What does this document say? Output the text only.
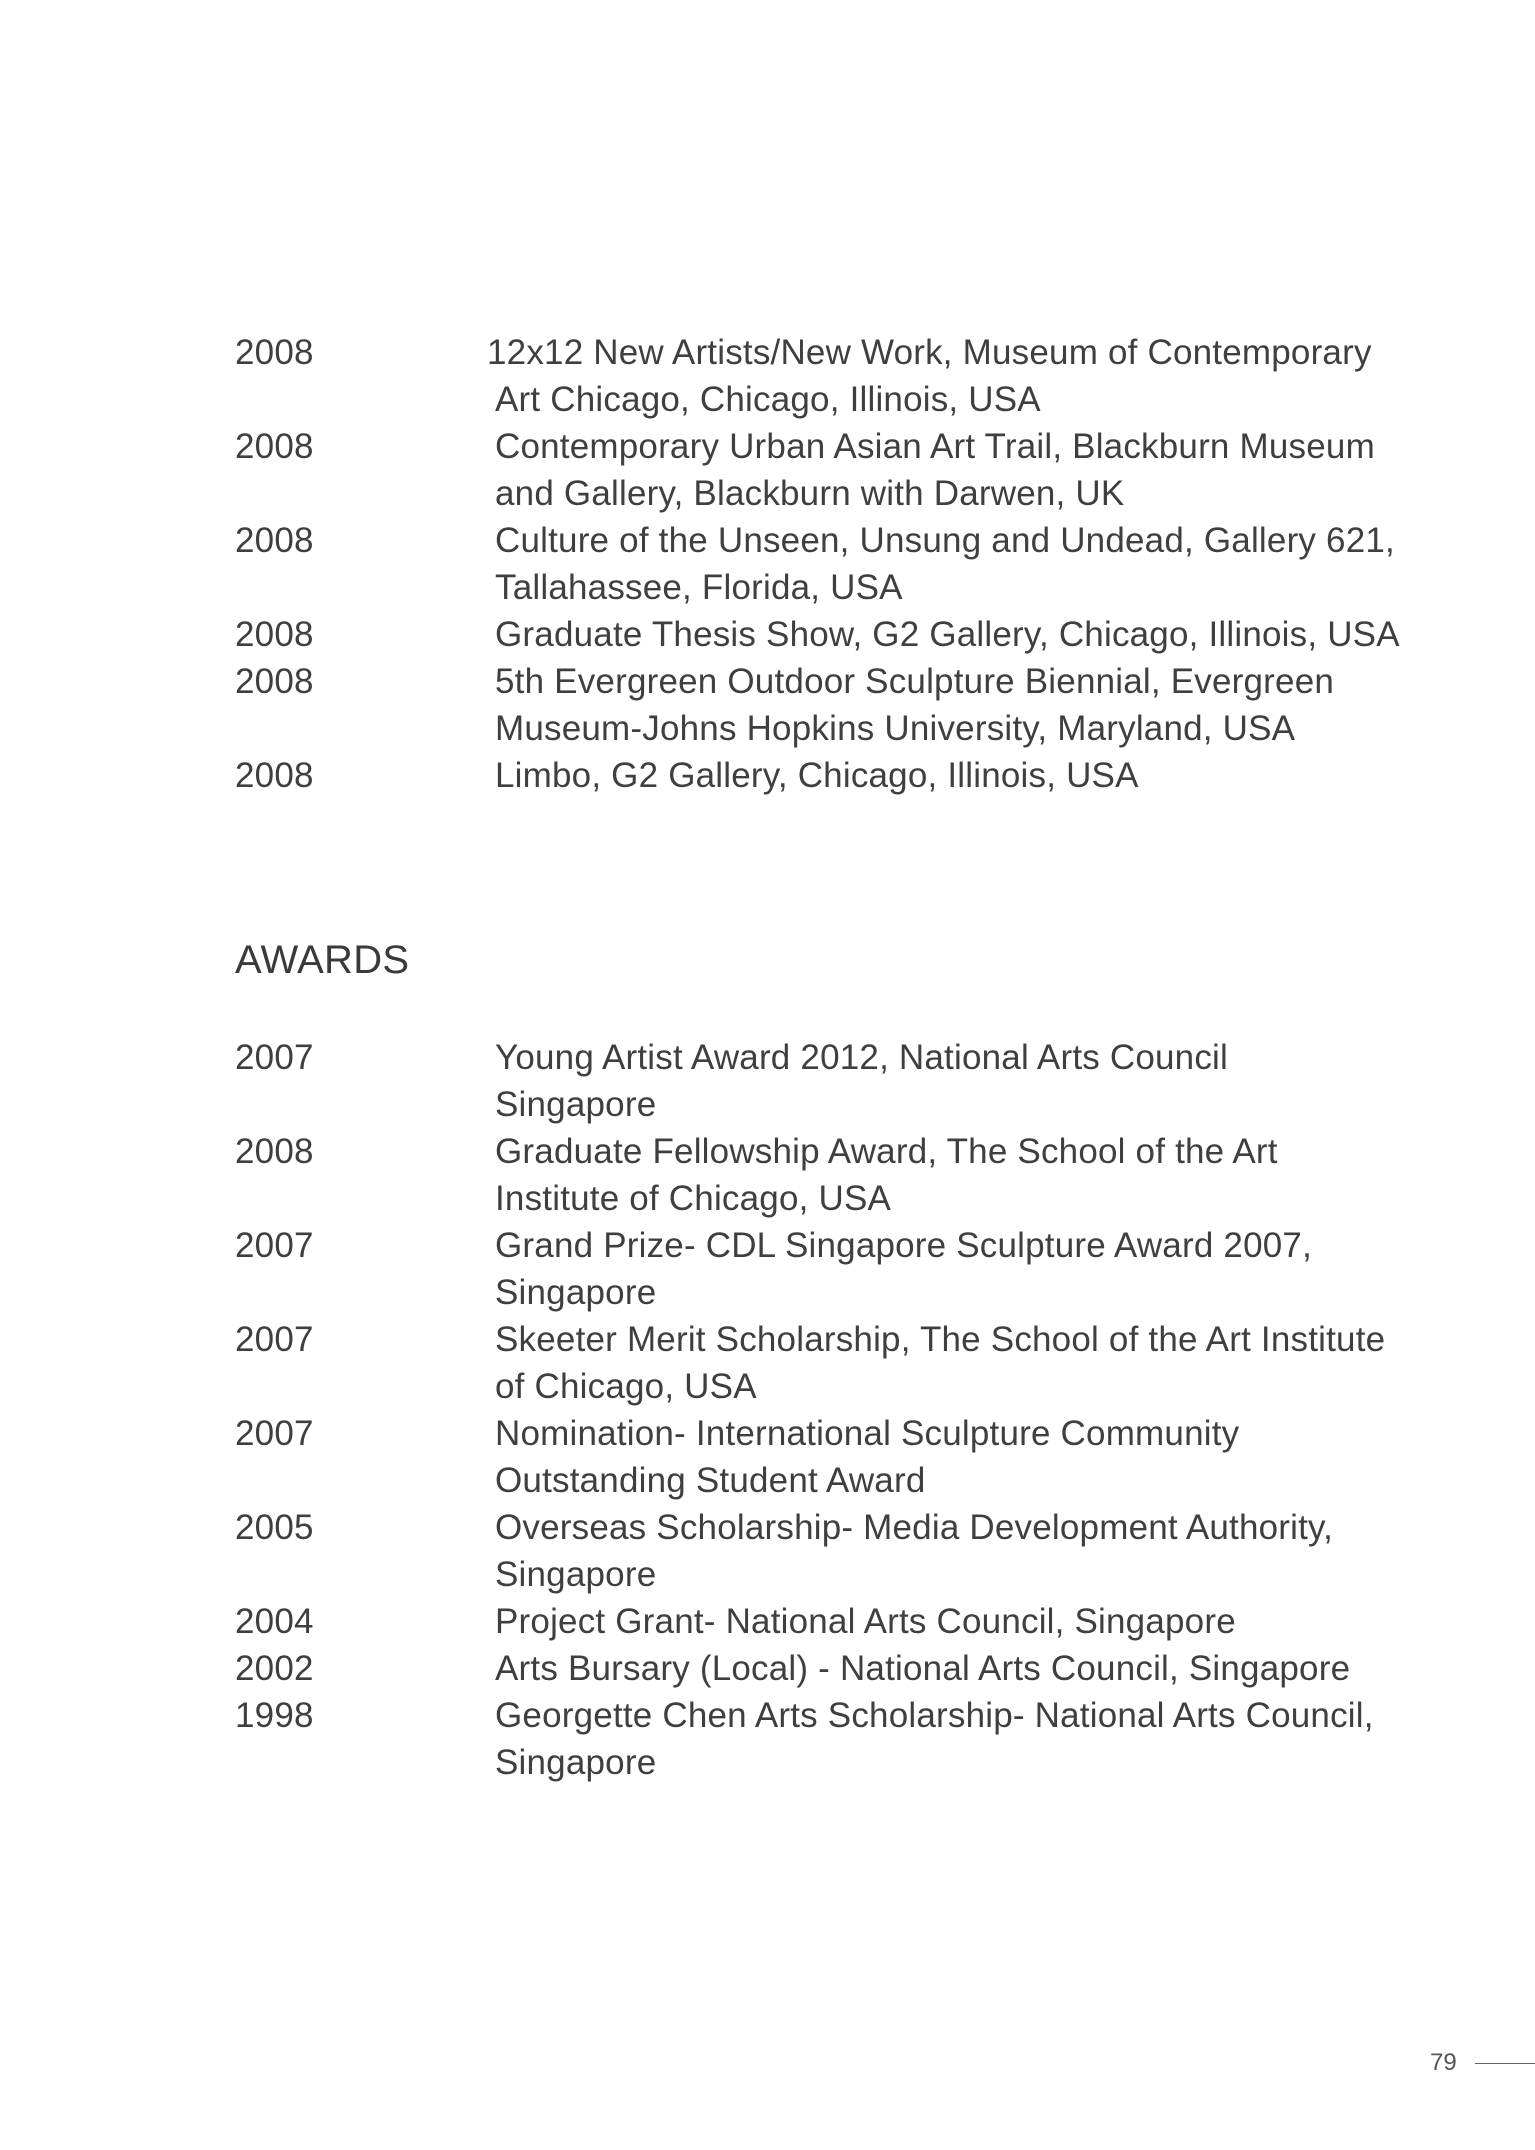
2008	12x12 New Artists/New Work, Museum of Contemporary
Art Chicago, Chicago, Illinois, USA
2008	Contemporary Urban Asian Art Trail, Blackburn Museum
and Gallery, Blackburn with Darwen, UK
2008	Culture of the Unseen, Unsung and Undead, Gallery 621,
Tallahassee, Florida, USA
2008	Graduate Thesis Show, G2 Gallery, Chicago, Illinois, USA
2008	5th Evergreen Outdoor Sculpture Biennial, Evergreen
Museum-Johns Hopkins University, Maryland, USA
2008	Limbo, G2 Gallery, Chicago, Illinois, USA
AWARDS
2007	Young Artist Award 2012, National Arts Council
Singapore
2008	Graduate Fellowship Award, The School of the Art
Institute of Chicago, USA
2007	Grand Prize- CDL Singapore Sculpture Award 2007,
Singapore
2007	Skeeter Merit Scholarship, The School of the Art Institute
of Chicago, USA
2007	Nomination- International Sculpture Community
Outstanding Student Award
2005	Overseas Scholarship- Media Development Authority,
Singapore
2004	Project Grant- National Arts Council, Singapore
2002	Arts Bursary (Local) - National Arts Council, Singapore
1998	Georgette Chen Arts Scholarship- National Arts Council,
Singapore
79
